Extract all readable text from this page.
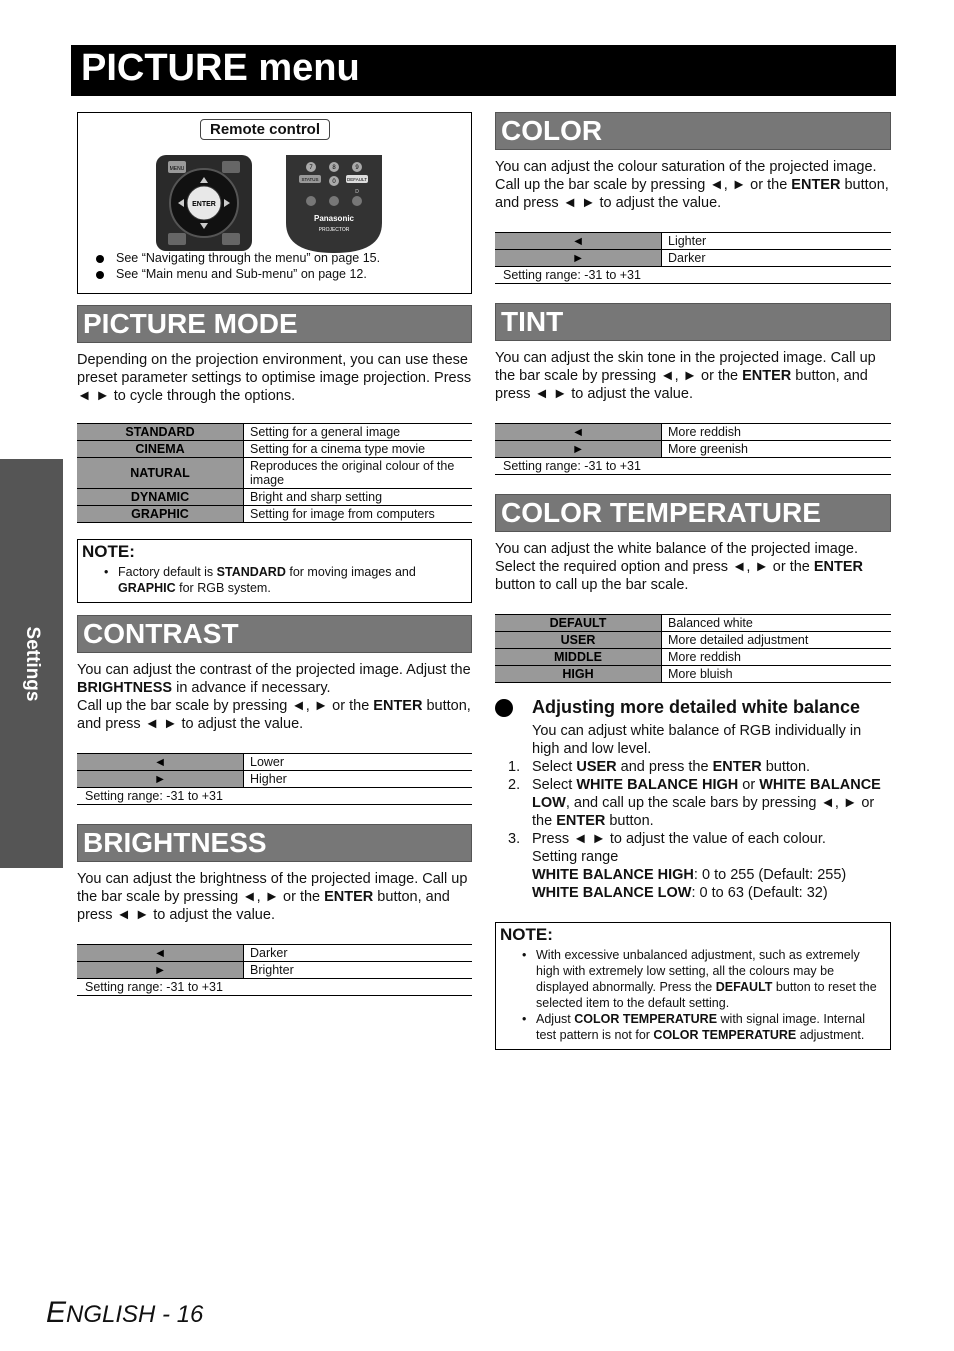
PICTURE menu
Settings
Remote control
ENTER
MENU	7	8	9
STATUS 0	DEFAULT
D
Panasonic
PROJECTOR
See “Navigating through the menu” on page 15.
See “Main menu and Sub-menu” on page 12.
PICTURE MODE

Depending on the projection environment, you can use these preset parameter settings to optimise image projection. Press ◄ ► to cycle through the options.

STANDARD	Setting for a general image
CINEMA	Setting for a cinema type movie
NATURAL	Reproduces the original colour of the image
DYNAMIC	Bright and sharp setting
GRAPHIC	Setting for image from computers
NOTE:
• Factory default is STANDARD for moving images and GRAPHIC for RGB system.
CONTRAST

You can adjust the contrast of the projected image. Adjust the BRIGHTNESS in advance if necessary.
Call up the bar scale by pressing ◄, ► or the ENTER button, and press ◄ ► to adjust the value.

◄	Lower
►	Higher
Setting range: -31 to +31	
BRIGHTNESS

You can adjust the brightness of the projected image. Call up the bar scale by pressing ◄, ► or the ENTER button, and press ◄ ► to adjust the value.

◄	Darker
►	Brighter
Setting range: -31 to +31	
COLOR

You can adjust the colour saturation of the projected image. Call up the bar scale by pressing ◄, ► or the ENTER button, and press ◄ ► to adjust the value.

◄	Lighter
►	Darker
Setting range: -31 to +31	
TINT

You can adjust the skin tone in the projected image. Call up the bar scale by pressing ◄, ► or the ENTER button, and press ◄ ► to adjust the value.

◄	More reddish
►	More greenish
Setting range: -31 to +31	
COLOR TEMPERATURE

You can adjust the white balance of the projected image. Select the required option and press ◄, ► or the ENTER button to call up the bar scale.

DEFAULT	Balanced white
USER	More detailed adjustment
MIDDLE	More reddish
HIGH	More bluish
Adjusting more detailed white balance
You can adjust white balance of RGB individually in high and low level.
1. Select USER and press the ENTER button.
2. Select WHITE BALANCE HIGH or WHITE BALANCE LOW, and call up the scale bars by pressing ◄, ► or the ENTER button.
3. Press ◄ ► to adjust the value of each colour.
Setting range
WHITE BALANCE HIGH: 0 to 255 (Default: 255)
WHITE BALANCE LOW: 0 to 63 (Default: 32)
NOTE:
• With excessive unbalanced adjustment, such as extremely high with extremely low setting, all the colours may be displayed abnormally. Press the DEFAULT button to reset the selected item to the default setting.
• Adjust COLOR TEMPERATURE with signal image. Internal test pattern is not for COLOR TEMPERATURE adjustment.
ENGLISH - 16
